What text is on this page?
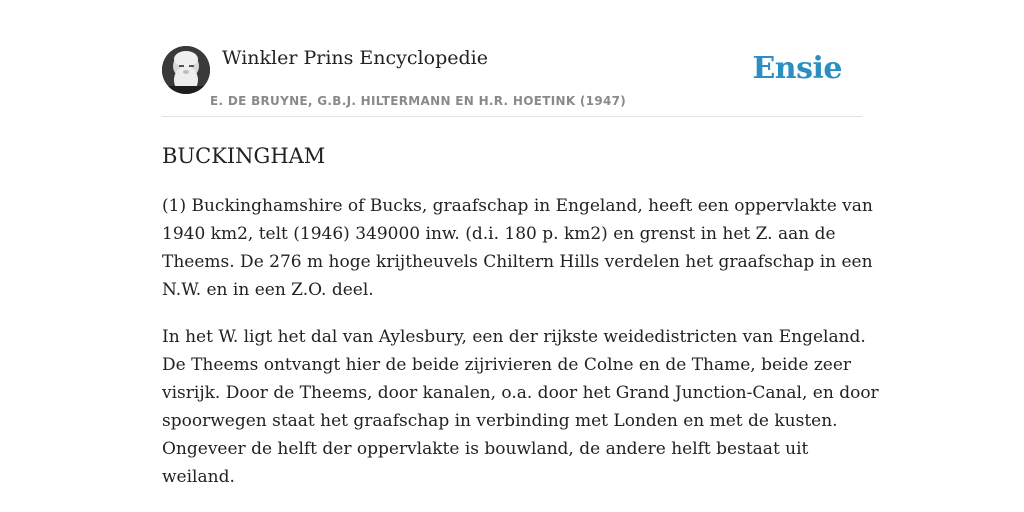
Winkler Prins Encyclopedie
E. DE BRUYNE, G.B.J. HILTERMANN EN H.R. HOETINK (1947)
Ensie
BUCKINGHAM

(1) Buckinghamshire of Bucks, graafschap in Engeland, heeft een oppervlakte van
1940 km2, telt (1946) 349000 inw. (d.i. 180 p. km2) en grenst in het Z. aan de
Theems. De 276 m hoge krijtheuvels Chiltern Hills verdelen het graafschap in een
N.W. en in een Z.O. deel.

In het W. ligt het dal van Aylesbury, een der rijkste weidedistricten van Engeland.
De Theems ontvangt hier de beide zijrivieren de Colne en de Thame, beide zeer
visrijk. Door de Theems, door kanalen, o.a. door het Grand Junction-Canal, en door
spoorwegen staat het graafschap in verbinding met Londen en met de kusten.
Ongeveer de helft der oppervlakte is bouwland, de andere helft bestaat uit
weiland.
